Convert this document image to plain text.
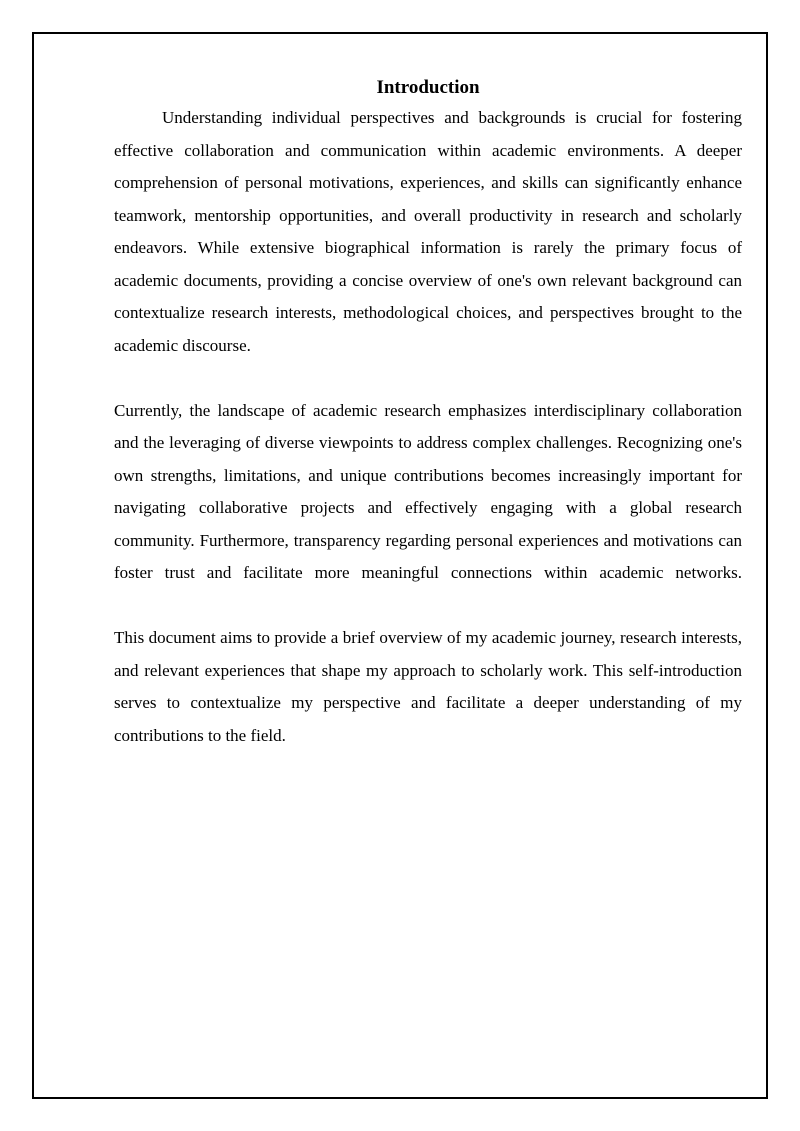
Introduction

Understanding individual perspectives and backgrounds is crucial for fostering effective collaboration and communication within academic environments. A deeper comprehension of personal motivations, experiences, and skills can significantly enhance teamwork, mentorship opportunities, and overall productivity in research and scholarly endeavors. While extensive biographical information is rarely the primary focus of academic documents, providing a concise overview of one's own relevant background can contextualize research interests, methodological choices, and perspectives brought to the academic discourse.

Currently, the landscape of academic research emphasizes interdisciplinary collaboration and the leveraging of diverse viewpoints to address complex challenges. Recognizing one's own strengths, limitations, and unique contributions becomes increasingly important for navigating collaborative projects and effectively engaging with a global research community. Furthermore, transparency regarding personal experiences and motivations can foster trust and facilitate more meaningful connections within academic networks.

This document aims to provide a brief overview of my academic journey, research interests, and relevant experiences that shape my approach to scholarly work. This self-introduction serves to contextualize my perspective and facilitate a deeper understanding of my contributions to the field.
